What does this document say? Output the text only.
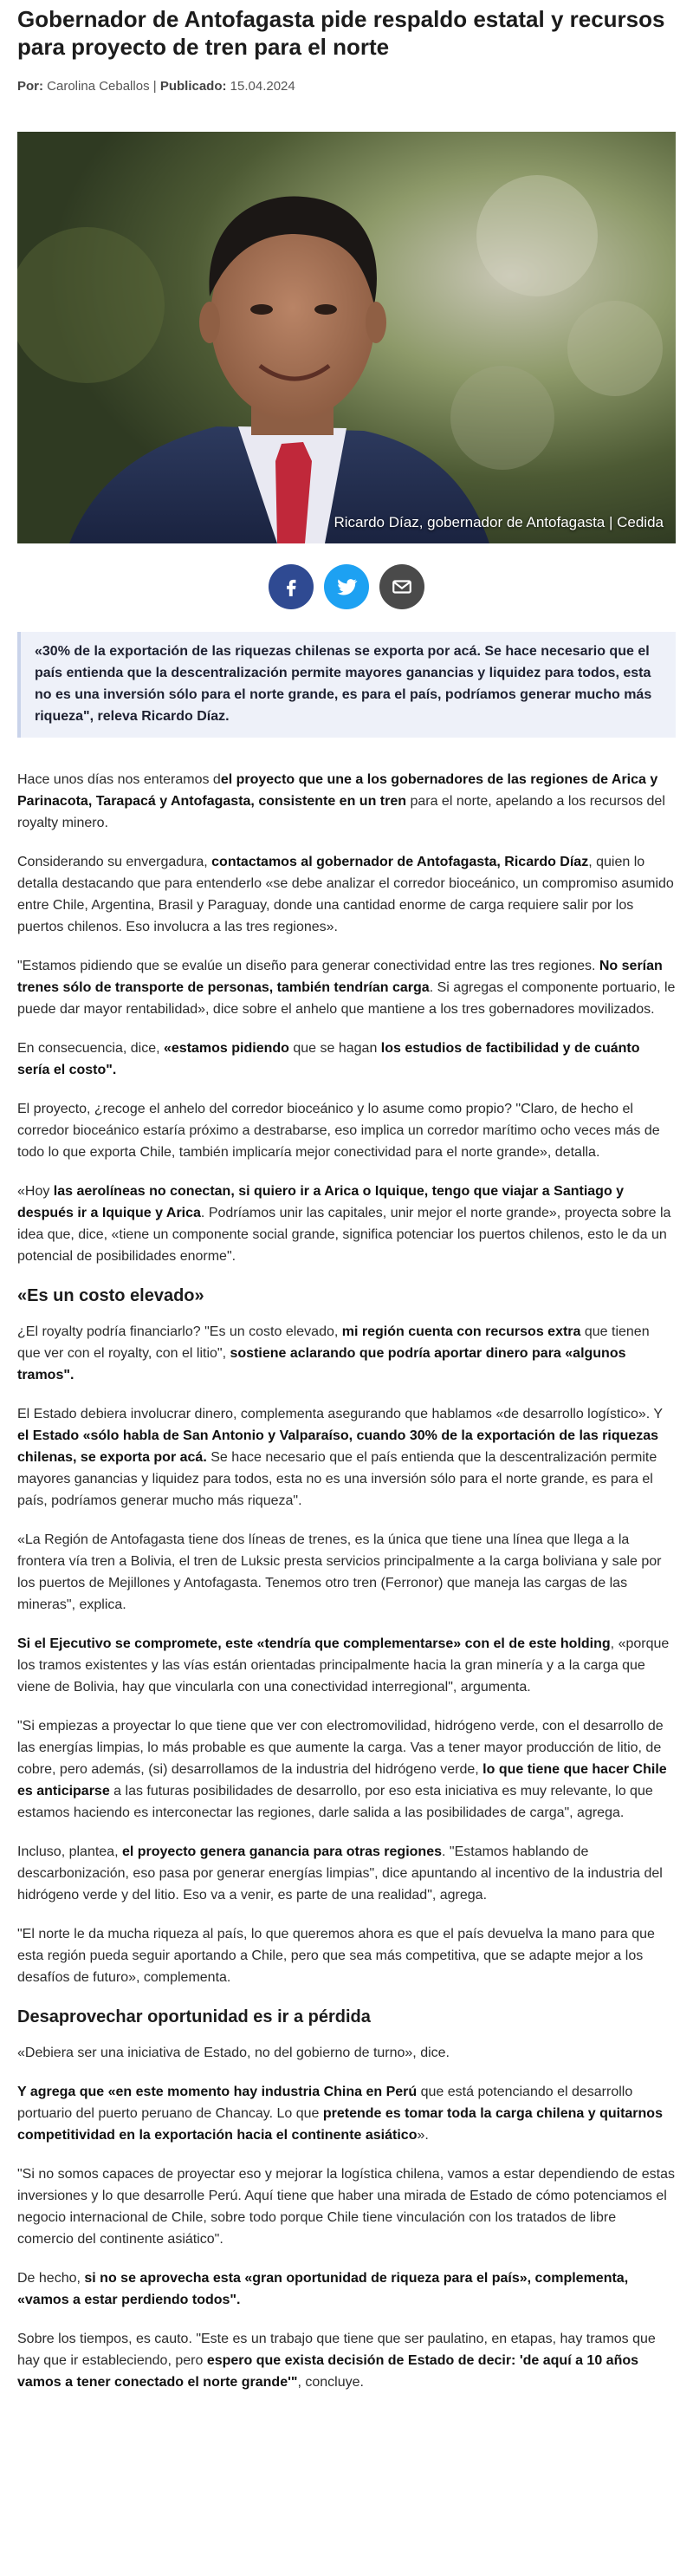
Gobernador de Antofagasta pide respaldo estatal y recursos para proyecto de tren para el norte
Por: Carolina Ceballos | Publicado: 15.04.2024
Ricardo Díaz, gobernador de Antofagasta | Cedida
«30% de la exportación de las riquezas chilenas se exporta por acá. Se hace necesario que el país entienda que la descentralización permite mayores ganancias y liquidez para todos, esta no es una inversión sólo para el norte grande, es para el país, podríamos generar mucho más riqueza", releva Ricardo Díaz.

Hace unos días nos enteramos del proyecto que une a los gobernadores de las regiones de Arica y Parinacota, Tarapacá y Antofagasta, consistente en un tren para el norte, apelando a los recursos del royalty minero.

Considerando su envergadura, contactamos al gobernador de Antofagasta, Ricardo Díaz, quien lo detalla destacando que para entenderlo «se debe analizar el corredor bioceánico, un compromiso asumido entre Chile, Argentina, Brasil y Paraguay, donde una cantidad enorme de carga requiere salir por los puertos chilenos. Eso involucra a las tres regiones».

"Estamos pidiendo que se evalúe un diseño para generar conectividad entre las tres regiones. No serían trenes sólo de transporte de personas, también tendrían carga. Si agregas el componente portuario, le puede dar mayor rentabilidad», dice sobre el anhelo que mantiene a los tres gobernadores movilizados.

En consecuencia, dice, «estamos pidiendo que se hagan los estudios de factibilidad y de cuánto sería el costo".

El proyecto, ¿recoge el anhelo del corredor bioceánico y lo asume como propio? "Claro, de hecho el corredor bioceánico estaría próximo a destrabarse, eso implica un corredor marítimo ocho veces más de todo lo que exporta Chile, también implicaría mejor conectividad para el norte grande», detalla.

«Hoy las aerolíneas no conectan, si quiero ir a Arica o Iquique, tengo que viajar a Santiago y después ir a Iquique y Arica. Podríamos unir las capitales, unir mejor el norte grande», proyecta sobre la idea que, dice, «tiene un componente social grande, significa potenciar los puertos chilenos, esto le da un potencial de posibilidades enorme".

«Es un costo elevado»

¿El royalty podría financiarlo? "Es un costo elevado, mi región cuenta con recursos extra que tienen que ver con el royalty, con el litio", sostiene aclarando que podría aportar dinero para «algunos tramos".

El Estado debiera involucrar dinero, complementa asegurando que hablamos «de desarrollo logístico». Y el Estado «sólo habla de San Antonio y Valparaíso, cuando 30% de la exportación de las riquezas chilenas, se exporta por acá. Se hace necesario que el país entienda que la descentralización permite mayores ganancias y liquidez para todos, esta no es una inversión sólo para el norte grande, es para el país, podríamos generar mucho más riqueza".

«La Región de Antofagasta tiene dos líneas de trenes, es la única que tiene una línea que llega a la frontera vía tren a Bolivia, el tren de Luksic presta servicios principalmente a la carga boliviana y sale por los puertos de Mejillones y Antofagasta. Tenemos otro tren (Ferronor) que maneja las cargas de las mineras", explica.

Si el Ejecutivo se compromete, este «tendría que complementarse» con el de este holding, «porque los tramos existentes y las vías están orientadas principalmente hacia la gran minería y a la carga que viene de Bolivia, hay que vincularla con una conectividad interregional", argumenta.

"Si empiezas a proyectar lo que tiene que ver con electromovilidad, hidrógeno verde, con el desarrollo de las energías limpias, lo más probable es que aumente la carga. Vas a tener mayor producción de litio, de cobre, pero además, (si) desarrollamos de la industria del hidrógeno verde, lo que tiene que hacer Chile es anticiparse a las futuras posibilidades de desarrollo, por eso esta iniciativa es muy relevante, lo que estamos haciendo es interconectar las regiones, darle salida a las posibilidades de carga", agrega.

Incluso, plantea, el proyecto genera ganancia para otras regiones. "Estamos hablando de descarbonización, eso pasa por generar energías limpias", dice apuntando al incentivo de la industria del hidrógeno verde y del litio. Eso va a venir, es parte de una realidad", agrega.

"El norte le da mucha riqueza al país, lo que queremos ahora es que el país devuelva la mano para que esta región pueda seguir aportando a Chile, pero que sea más competitiva, que se adapte mejor a los desafíos de futuro», complementa.

Desaprovechar oportunidad es ir a pérdida

«Debiera ser una iniciativa de Estado, no del gobierno de turno», dice.

Y agrega que «en este momento hay industria China en Perú que está potenciando el desarrollo portuario del puerto peruano de Chancay. Lo que pretende es tomar toda la carga chilena y quitarnos competitividad en la exportación hacia el continente asiático».

"Si no somos capaces de proyectar eso y mejorar la logística chilena, vamos a estar dependiendo de estas inversiones y lo que desarrolle Perú. Aquí tiene que haber una mirada de Estado de cómo potenciamos el negocio internacional de Chile, sobre todo porque Chile tiene vinculación con los tratados de libre comercio del continente asiático".

De hecho, si no se aprovecha esta «gran oportunidad de riqueza para el país», complementa, «vamos a estar perdiendo todos".

Sobre los tiempos, es cauto. "Este es un trabajo que tiene que ser paulatino, en etapas, hay tramos que hay que ir estableciendo, pero espero que exista decisión de Estado de decir: 'de aquí a 10 años vamos a tener conectado el norte grande'", concluye.
